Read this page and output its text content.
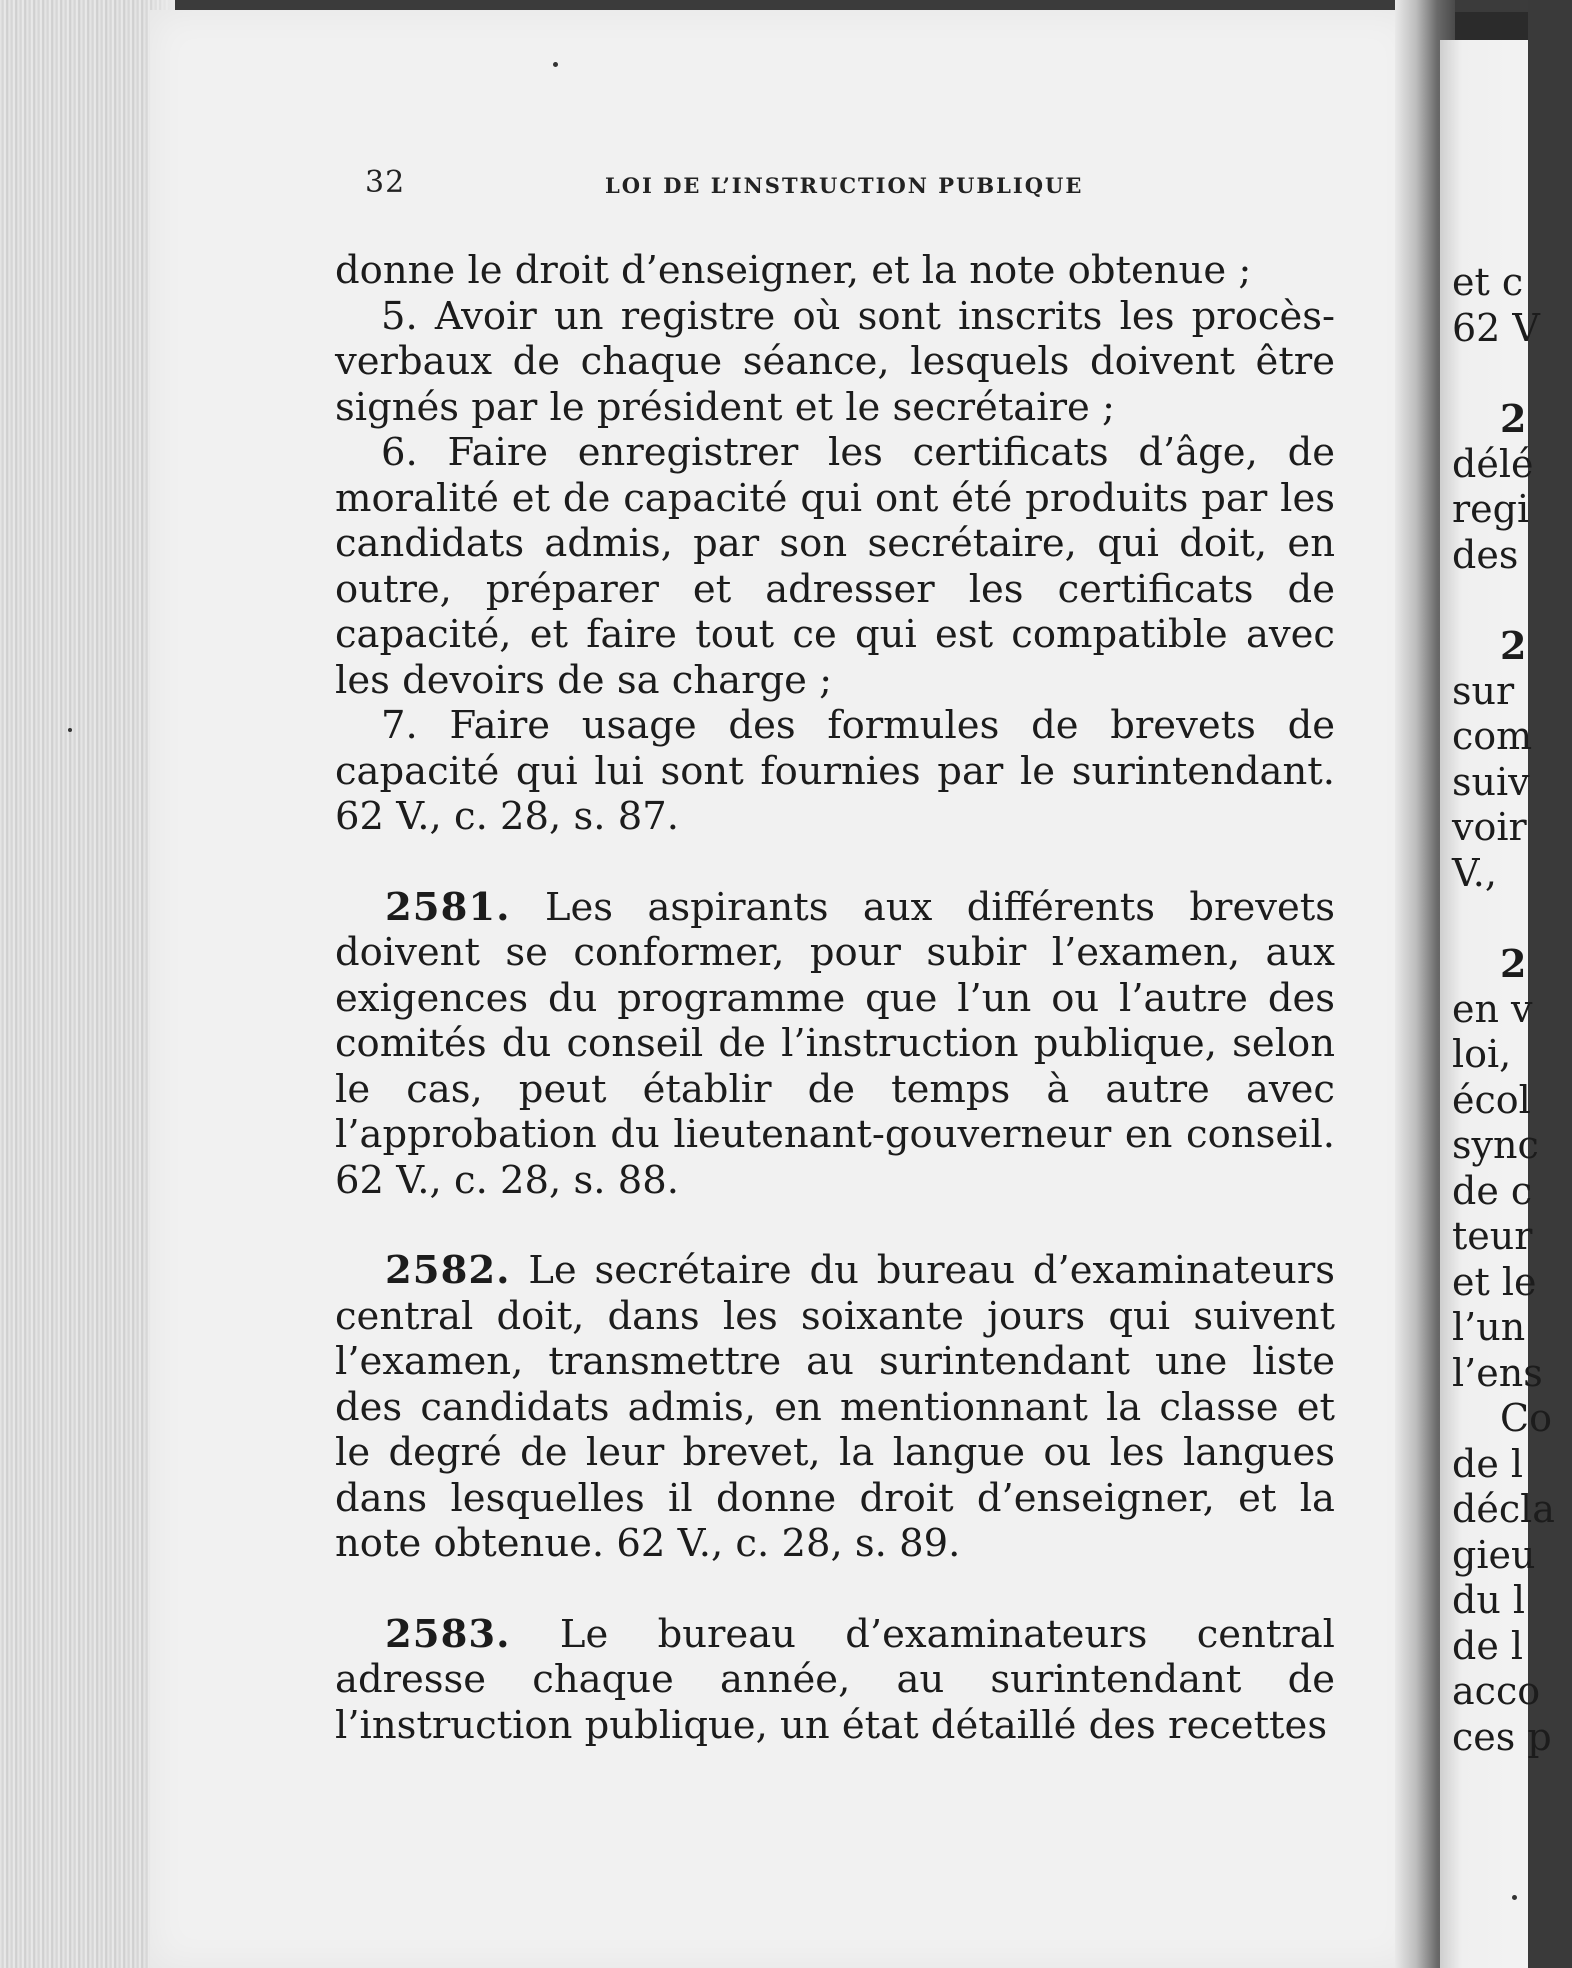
32	LOI DE L’INSTRUCTION PUBLIQUE

donne le droit d’enseigner, et la note obtenue ;

5. Avoir un registre où sont inscrits les procès-verbaux de chaque séance, lesquels doivent être signés par le président et le secrétaire ;

6. Faire enregistrer les certificats d’âge, de moralité et de capacité qui ont été produits par les candidats admis, par son secrétaire, qui doit, en outre, préparer et adresser les certificats de capacité, et faire tout ce qui est compatible avec les devoirs de sa charge ;

7. Faire usage des formules de brevets de capacité qui lui sont fournies par le surintendant. 62 V., c. 28, s. 87.

2581. Les aspirants aux différents brevets doivent se conformer, pour subir l’examen, aux exigences du programme que l’un ou l’autre des comités du conseil de l’instruction publique, selon le cas, peut établir de temps à autre avec l’approbation du lieutenant-gouverneur en conseil. 62 V., c. 28, s. 88.

2582. Le secrétaire du bureau d’examinateurs central doit, dans les soixante jours qui suivent l’examen, transmettre au surintendant une liste des candidats admis, en mentionnant la classe et le degré de leur brevet, la langue ou les langues dans lesquelles il donne droit d’enseigner, et la note obtenue. 62 V., c. 28, s. 89.

2583. Le bureau d’examinateurs central adresse chaque année, au surintendant de l’instruction publique, un état détaillé des recettes

et c
62 V
2
délé
regi
des
2
sur
com
suiv
voir
V.,
2
en v
loi,
écol
sync
de c
teur
et le
l’un
l’ens
Co
de l
décla
gieu
du l
de l
acco
ces p
